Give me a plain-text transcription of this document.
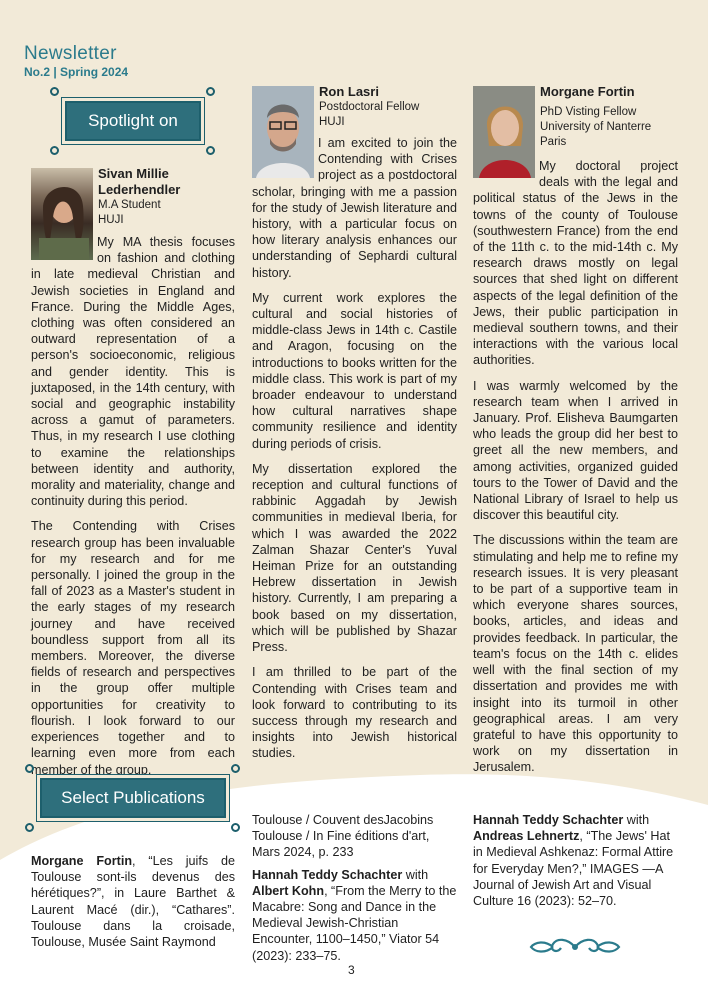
Newsletter
No.2 | Spring 2024
Spotlight on
Sivan Millie Lederhendler
M.A Student
HUJI

My MA thesis focuses on fashion and clothing in late medieval Christian and Jewish societies in England and France. During the Middle Ages, clothing was often considered an outward representation of a person's socioeconomic, religious and gender identity. This is juxtaposed, in the 14th century, with social and geographic instability across a gamut of parameters. Thus, in my research I use clothing to examine the relationships between identity and authority, morality and materiality, change and continuity during this period.

The Contending with Crises research group has been invaluable for my research and for me personally. I joined the group in the fall of 2023 as a Master's student in the early stages of my research journey and have received boundless support from all its members. Moreover, the diverse fields of research and perspectives in the group offer multiple opportunities for creativity to flourish. I look forward to our experiences together and to learning even more from each member of the group.

Ron Lasri
Postdoctoral Fellow
HUJI

I am excited to join the Contending with Crises project as a postdoctoral scholar, bringing with me a passion for the study of Jewish literature and history, with a particular focus on how literary analysis enhances our understanding of Sephardi cultural history.

My current work explores the cultural and social histories of middle-class Jews in 14th c. Castile and Aragon, focusing on the introductions to books written for the middle class. This work is part of my broader endeavour to understand how cultural narratives shape community resilience and identity during periods of crisis.

My dissertation explored the reception and cultural functions of rabbinic Aggadah by Jewish communities in medieval Iberia, for which I was awarded the 2022 Zalman Shazar Center's Yuval Heiman Prize for an outstanding Hebrew dissertation in Jewish history. Currently, I am preparing a book based on my dissertation, which will be published by Shazar Press.

I am thrilled to be part of the Contending with Crises team and look forward to contributing to its success through my research and insights into Jewish historical studies.

Morgane Fortin
PhD Visting Fellow
University of Nanterre Paris

My doctoral project deals with the legal and political status of the Jews in the towns of the county of Toulouse (southwestern France) from the end of the 11th c. to the mid-14th c. My research draws mostly on legal sources that shed light on different aspects of the legal definition of the Jews, their public participation in medieval southern towns, and their interactions with the various local authorities.

I was warmly welcomed by the research team when I arrived in January. Prof. Elisheva Baumgarten who leads the group did her best to greet all the new members, and among activities, organized guided tours to the Tower of David and the National Library of Israel to help us discover this beautiful city.

The discussions within the team are stimulating and help me to refine my research issues. It is very pleasant to be part of a supportive team in which everyone shares sources, books, articles, and ideas and provides feedback. In particular, the team's focus on the 14th c. elides well with the final section of my dissertation and provides me with insight into its turmoil in other geographical areas. I am very grateful to have this opportunity to work on my dissertation in Jerusalem.

Select Publications
Morgane Fortin, “Les juifs de Toulouse sont-ils devenus des hérétiques?”, in Laure Barthet & Laurent Macé (dir.), “Cathares”. Toulouse dans la croisade, Toulouse, Musée Saint Raymond

Toulouse / Couvent desJacobins Toulouse / In Fine éditions d'art, Mars 2024, p. 233

Hannah Teddy Schachter with Albert Kohn, “From the Merry to the Macabre: Song and Dance in the Medieval Jewish-Christian Encounter, 1100–1450,” Viator 54 (2023): 233–75.

Hannah Teddy Schachter with Andreas Lehnertz, “The Jews' Hat in Medieval Ashkenaz: Formal Attire for Everyday Men?,” IMAGES —A Journal of Jewish Art and Visual Culture 16 (2023): 52–70.
3
